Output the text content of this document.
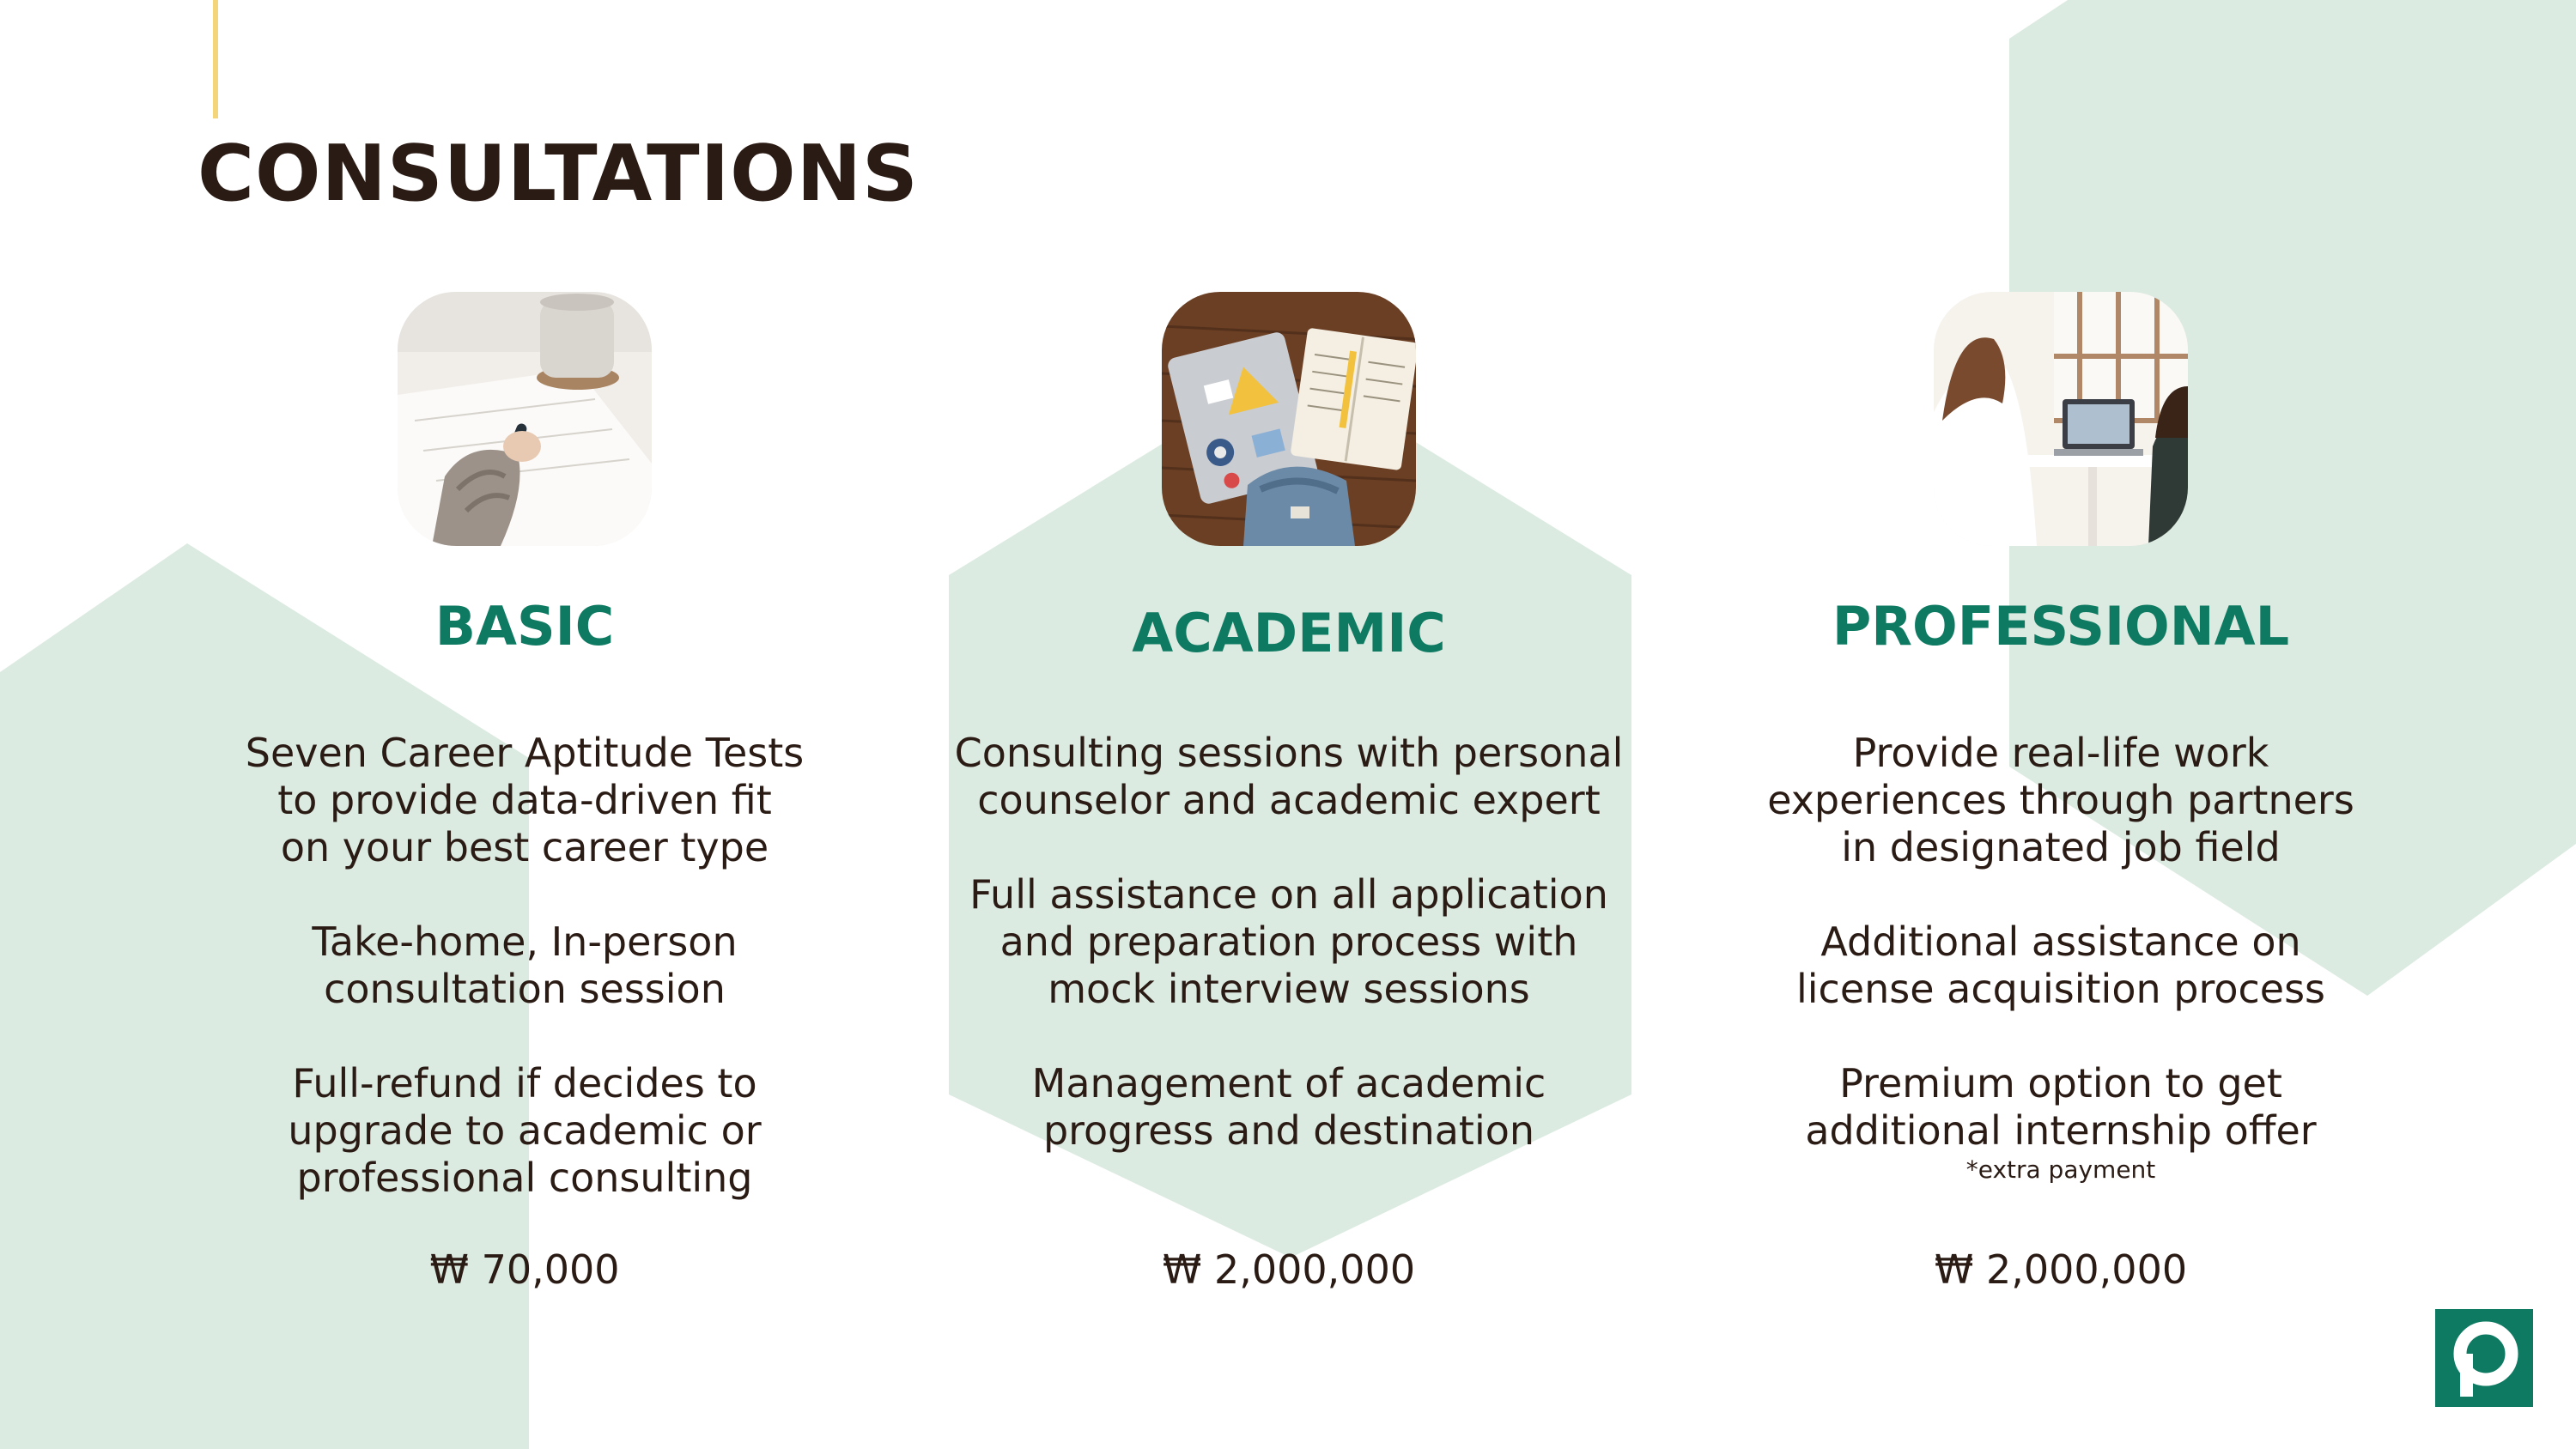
CONSULTATIONS
BASIC
Seven Career Aptitude Tests
to provide data-driven fit
on your best career type
Take-home, In-person
consultation session
Full-refund if decides to
upgrade to academic or
professional consulting
₩ 70,000
ACADEMIC
Consulting sessions with personal
counselor and academic expert
Full assistance on all application
and preparation process with
mock interview sessions
Management of academic
progress and destination
₩ 2,000,000
PROFESSIONAL
Provide real-life work
experiences through partners
in designated job field
Additional assistance on
license acquisition process
Premium option to get
additional internship offer
*extra payment
₩ 2,000,000
